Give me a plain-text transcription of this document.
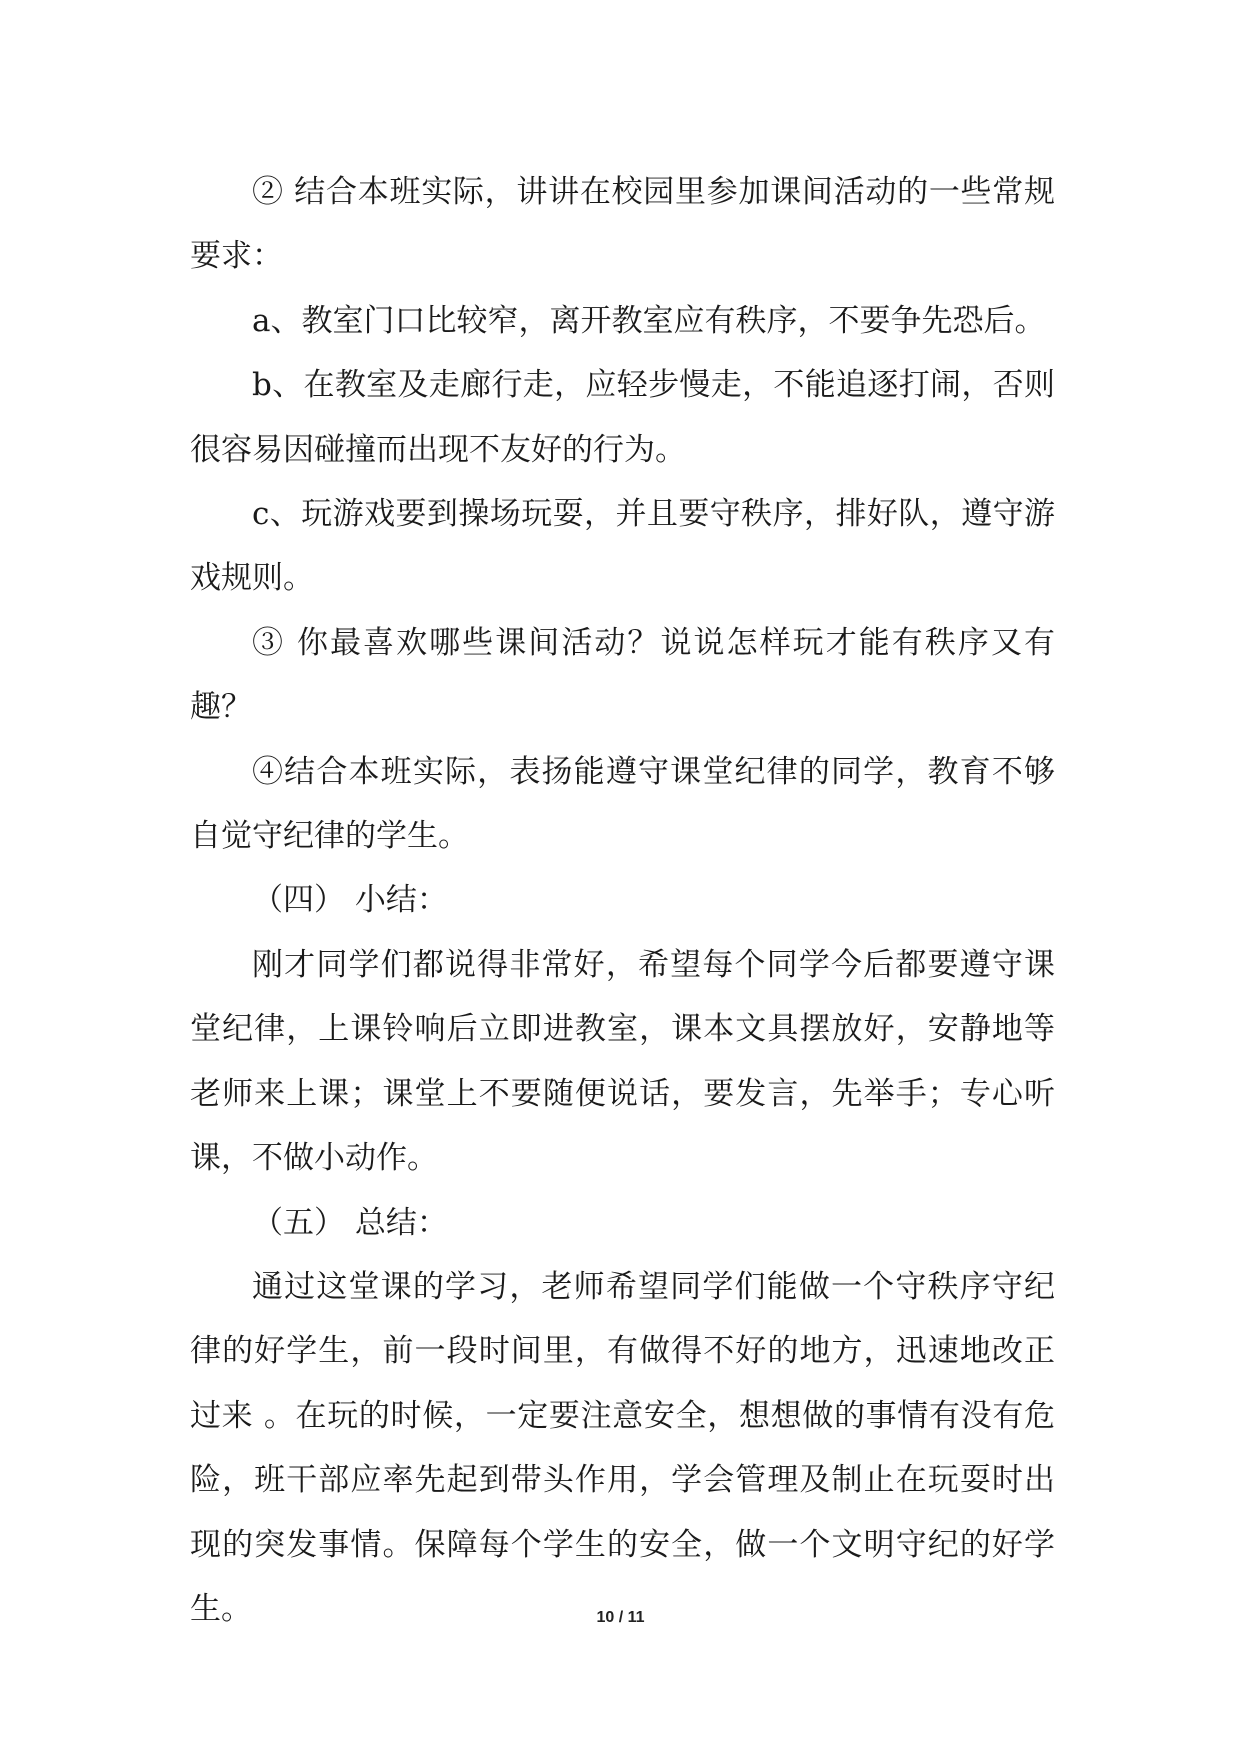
② 结合本班实际，讲讲在校园里参加课间活动的一些常规要求：

a、教室门口比较窄，离开教室应有秩序，不要争先恐后。

b、在教室及走廊行走，应轻步慢走，不能追逐打闹，否则很容易因碰撞而出现不友好的行为。

c、玩游戏要到操场玩耍，并且要守秩序，排好队，遵守游戏规则。

③ 你最喜欢哪些课间活动？说说怎样玩才能有秩序又有趣？

④结合本班实际，表扬能遵守课堂纪律的同学，教育不够自觉守纪律的学生。

（四） 小结：

刚才同学们都说得非常好，希望每个同学今后都要遵守课堂纪律，上课铃响后立即进教室，课本文具摆放好，安静地等老师来上课；课堂上不要随便说话，要发言，先举手；专心听课，不做小动作。

（五） 总结：

通过这堂课的学习，老师希望同学们能做一个守秩序守纪律的好学生，前一段时间里，有做得不好的地方，迅速地改正过来 。在玩的时候，一定要注意安全，想想做的事情有没有危险，班干部应率先起到带头作用，学会管理及制止在玩耍时出现的突发事情。保障每个学生的安全，做一个文明守纪的好学生。	10 / 11
